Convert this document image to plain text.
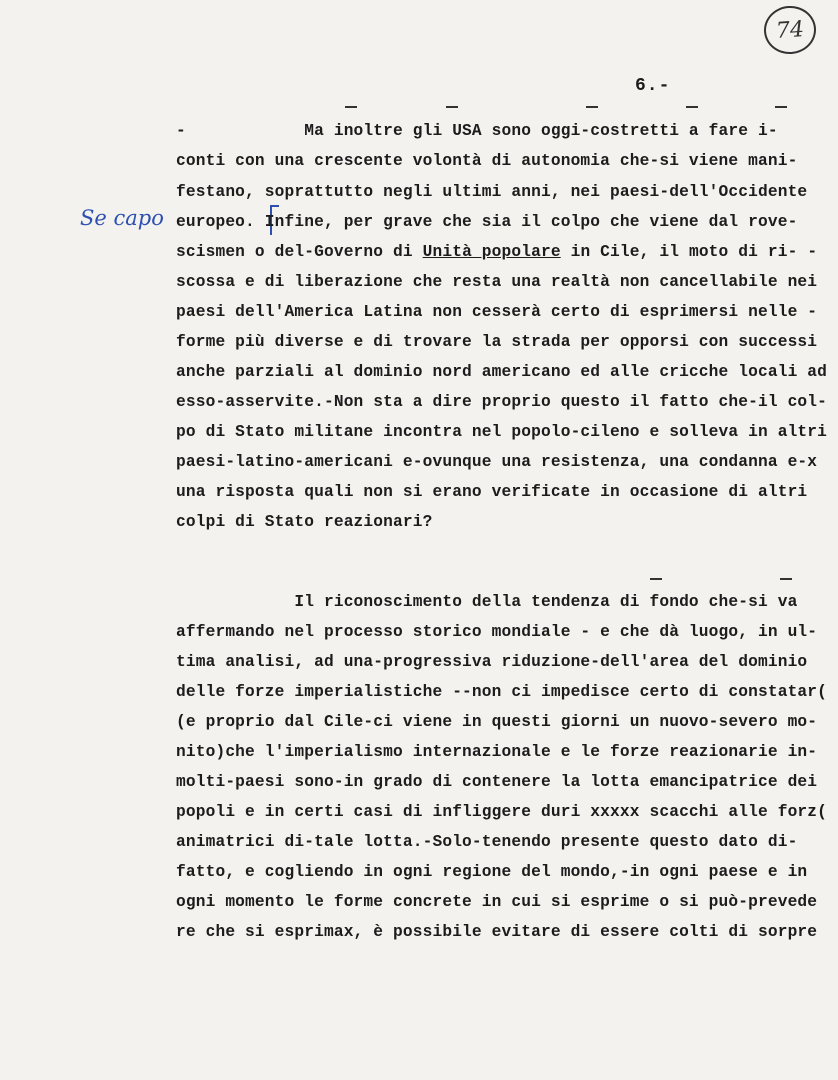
74
6.-
Se capo
-            Ma inoltre gli USA sono oggi-costretti a fare i-
conti con una crescente volontà di autonomia che-si viene mani-
festano, soprattutto negli ultimi anni, nei paesi-dell'Occidente
europeo. Infine, per grave che sia il colpo che viene dal rove-
scismen o del-Governo di Unità popolare in Cile, il moto di ri- -
scossa e di liberazione che resta una realtà non cancellabile nei
paesi dell'America Latina non cesserà certo di esprimersi nelle -
forme più diverse e di trovare la strada per opporsi con successi
anche parziali al dominio nord americano ed alle cricche locali ad
esso-asservite.-Non sta a dire proprio questo il fatto che-il col-
po di Stato militane incontra nel popolo-cileno e solleva in altri
paesi-latino-americani e-ovunque una resistenza, una condanna e-x
una risposta quali non si erano verificate in occasione di altri
colpi di Stato reazionari?
Il riconoscimento della tendenza di fondo che-si va
affermando nel processo storico mondiale - e che dà luogo, in ul-
tima analisi, ad una-progressiva riduzione-dell'area del dominio
delle forze imperialistiche --non ci impedisce certo di constatar(
(e proprio dal Cile-ci viene in questi giorni un nuovo-severo mo-
nito)che l'imperialismo internazionale e le forze reazionarie in-
molti-paesi sono-in grado di contenere la lotta emancipatrice dei
popoli e in certi casi di infliggere duri xxxxx scacchi alle forz(
animatrici di-tale lotta.-Solo-tenendo presente questo dato di-
fatto, e cogliendo in ogni regione del mondo,-in ogni paese e in
ogni momento le forme concrete in cui si esprime o si può-prevede
re che si esprimax, è possibile evitare di essere colti di sorpre
